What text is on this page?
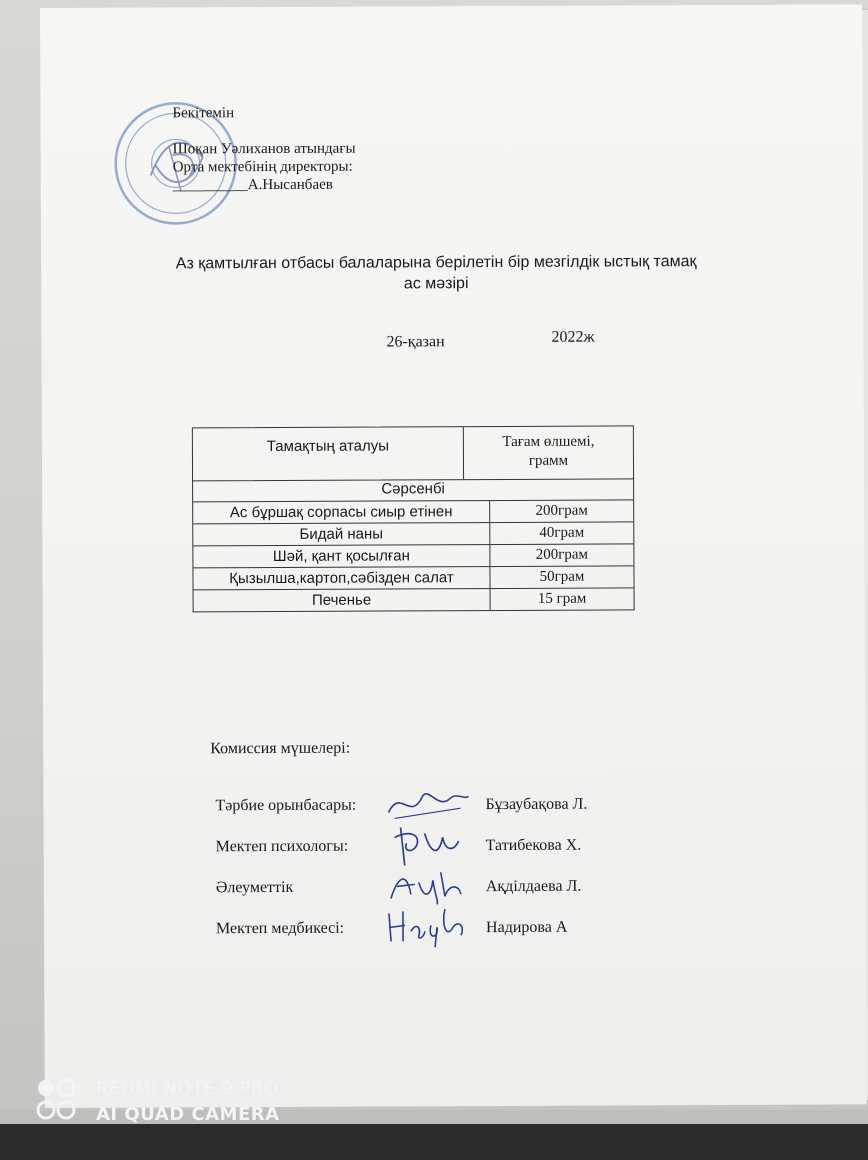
Бекітемін
Шоқан Уәлиханов атындағы
Орта мектебінің директоры:
__________А.Нысанбаев
Аз қамтылған отбасы балаларына берілетін бір мезгілдік ыстық тамақ
ас мәзірі
26-қазан	2022ж
Тамақтың аталуы	Тағам өлшемі,
грамм
Сәрсенбі
Ас бұршақ сорпасы сиыр етінен	200грам
Бидай наны	40грам
Шәй, қант қосылған	200грам
Қызылша,картоп,сәбізден салат	50грам
Печенье	15 грам
Комиссия мүшелері:
Тәрбие орынбасары:	Бұзаубақова Л.
Мектеп психологы:	Татибекова Х.
Әлеуметтік	Ақділдаева Л.
Мектеп медбикесі:	Надирова А
REDMI NOTE 9 PRO
AI QUAD CAMERA
